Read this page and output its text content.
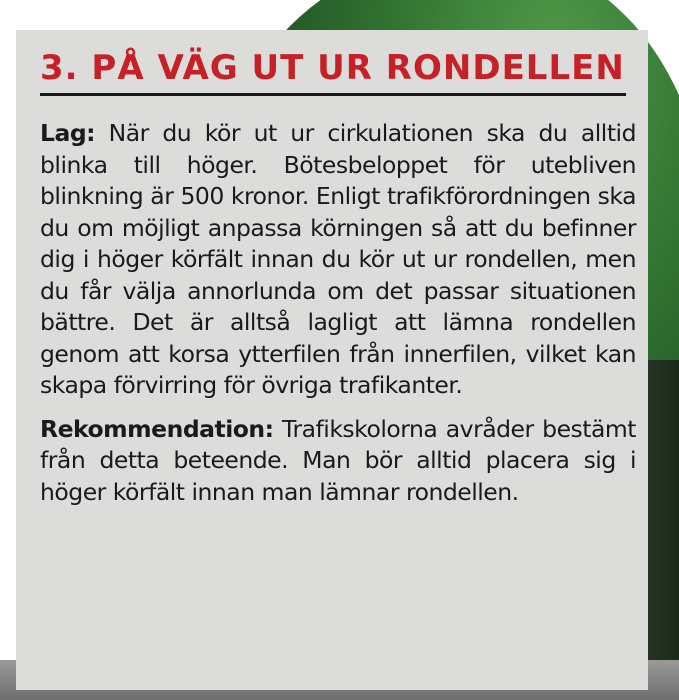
3. PÅ VÄG UT UR RONDELLEN

Lag: När du kör ut ur cirkulationen ska du alltid blinka till höger. Bötesbeloppet för utebliven blinkning är 500 kronor. Enligt trafikförordningen ska du om möjligt anpassa körningen så att du befinner dig i höger körfält innan du kör ut ur rondellen, men du får välja annorlunda om det passar situationen bättre. Det är alltså lagligt att lämna rondellen genom att korsa ytterfilen från innerfilen, vilket kan skapa förvirring för övriga trafikanter.

Rekommendation: Trafikskolorna avråder bestämt från detta beteende. Man bör alltid placera sig i höger körfält innan man lämnar rondellen.
